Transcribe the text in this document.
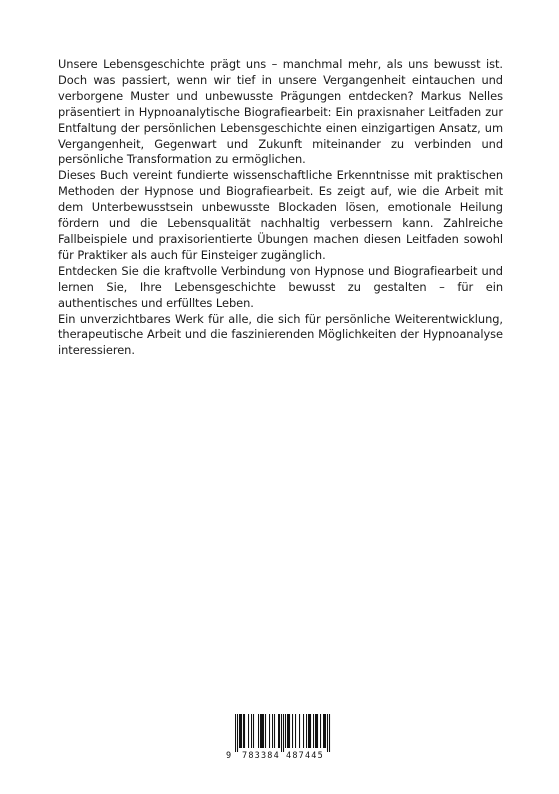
Unsere Lebensgeschichte prägt uns – manchmal mehr, als uns bewusst ist. Doch was passiert, wenn wir tief in unsere Vergangenheit eintauchen und verborgene Muster und unbewusste Prägungen entdecken? Markus Nelles präsentiert in Hypnoanalytische Biografiearbeit: Ein praxisnaher Leitfaden zur Entfaltung der persönlichen Lebensgeschichte einen einzigartigen Ansatz, um Vergangenheit, Gegenwart und Zukunft miteinander zu verbinden und persönliche Transformation zu ermöglichen.

Dieses Buch vereint fundierte wissenschaftliche Erkenntnisse mit praktischen Methoden der Hypnose und Biografiearbeit. Es zeigt auf, wie die Arbeit mit dem Unterbewusstsein unbewusste Blockaden lösen, emotionale Heilung fördern und die Lebensqualität nachhaltig verbessern kann. Zahlreiche Fallbeispiele und praxisorientierte Übungen machen diesen Leitfaden sowohl für Praktiker als auch für Einsteiger zugänglich.

Entdecken Sie die kraftvolle Verbindung von Hypnose und Biografiearbeit und lernen Sie, Ihre Lebensgeschichte bewusst zu gestalten – für ein authentisches und erfülltes Leben.

Ein unverzichtbares Werk für alle, die sich für persönliche Weiterentwicklung, therapeutische Arbeit und die faszinierenden Möglichkeiten der Hypnoanalyse interessieren.

9 783384 487445
